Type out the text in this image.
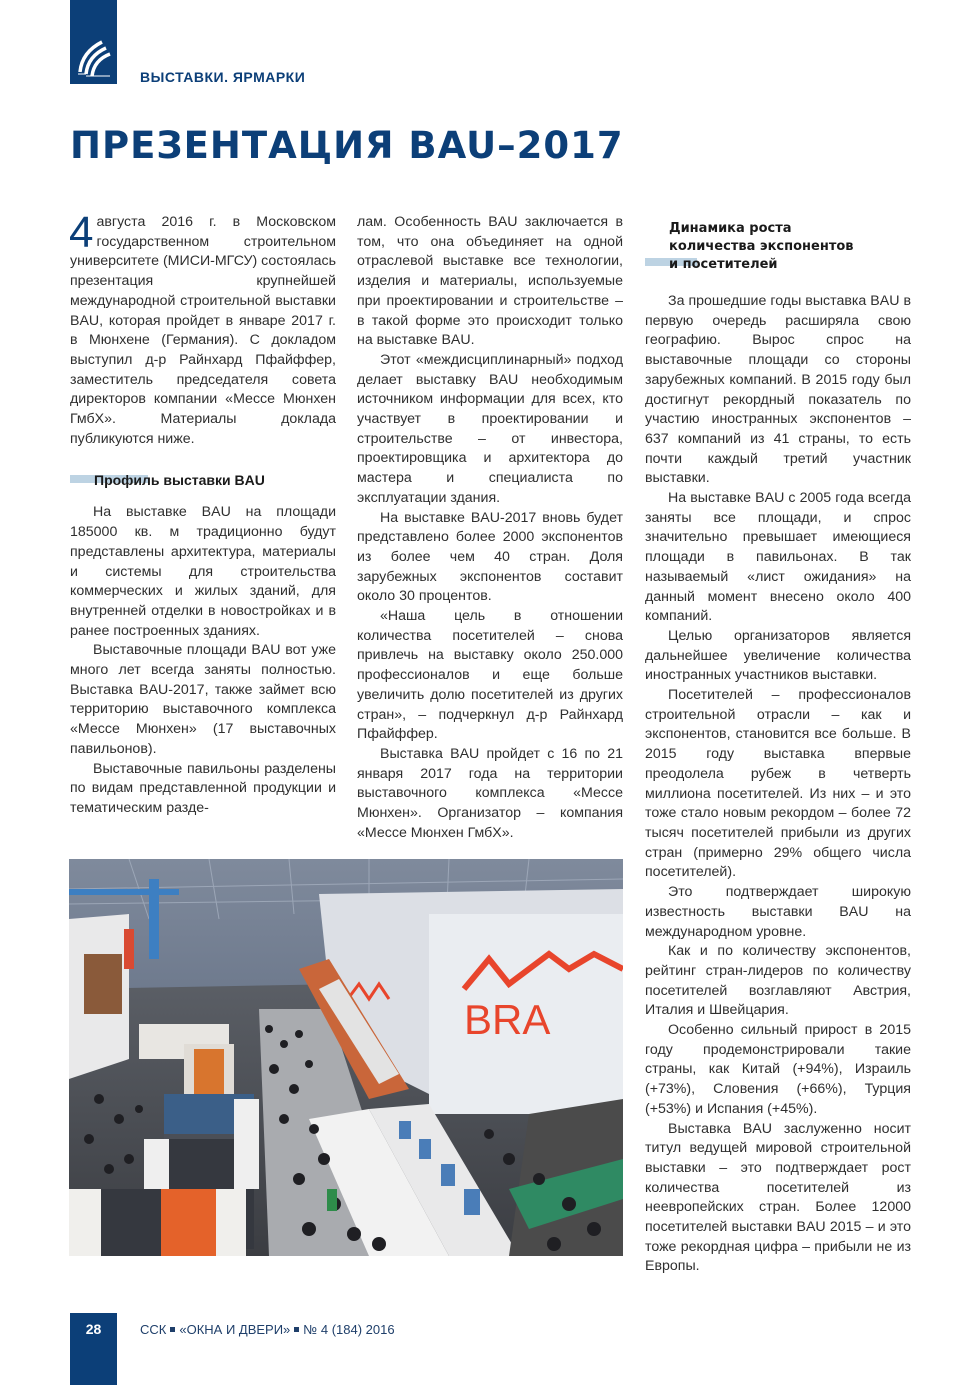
ВЫСТАВКИ. ЯРМАРКИ
ПРЕЗЕНТАЦИЯ BAU–2017

4 августа 2016 г. в Московском государственном строительном университете (МИСИ-МГСУ) состоялась презентация крупнейшей международной строительной выставки BAU, которая пройдет в январе 2017 г. в Мюнхене (Германия). С докладом выступил д-р Райнхард Пфайффер, заместитель председателя совета директоров компании «Мессе Мюнхен ГмбХ». Материалы доклада публикуются ниже.

Профиль выставки BAU

На выставке BAU на площади 185000 кв. м традиционно будут представлены архитектура, материалы и системы для строительства коммерческих и жилых зданий, для внутренней отделки в новостройках и в ранее построенных зданиях.

Выставочные площади BAU вот уже много лет всегда заняты полностью. Выставка BAU-2017, также займет всю территорию выставочного комплекса «Мессе Мюнхен» (17 выставочных павильонов).

Выставочные павильоны разделены по видам представленной продукции и тематическим разде-

лам. Особенность BAU заключается в том, что она объединяет на одной отраслевой выставке все технологии, изделия и материалы, используемые при проектировании и строительстве – в такой форме это происходит только на выставке BAU.

Этот «междисциплинарный» подход делает выставку BAU необходимым источником информации для всех, кто участвует в проектировании и строительстве – от инвестора, проектировщика и архитектора до мастера и специалиста по эксплуатации здания.

На выставке BAU-2017 вновь будет представлено более 2000 экспонентов из более чем 40 стран. Доля зарубежных экспонентов составит около 30 процентов.

«Наша цель в отношении количества посетителей – снова привлечь на выставку около 250.000 профессионалов и еще больше увеличить долю посетителей из других стран», – подчеркнул д-р Райнхард Пфайффер.

Выставка BAU пройдет с 16 по 21 января 2017 года на территории выставочного комплекса «Мессе Мюнхен». Организатор – компания «Мессе Мюнхен ГмбХ».

Динамика роста
количества экспонентов
и посетителей

За прошедшие годы выставка BAU в первую очередь расширяла свою географию. Вырос спрос на выставочные площади со стороны зарубежных компаний. В 2015 году был достигнут рекордный показатель по участию иностранных экспонентов – 637 компаний из 41 страны, то есть почти каждый третий участник выставки.

На выставке BAU с 2005 года всегда заняты все площади, и спрос значительно превышает имеющиеся площади в павильонах. В так называемый «лист ожидания» на данный момент внесено около 400 компаний.

Целью организаторов является дальнейшее увеличение количества иностранных участников выставки.

Посетителей – профессионалов строительной отрасли – как и экспонентов, становится все больше. В 2015 году выставка впервые преодолела рубеж в четверть миллиона посетителей. Из них – и это тоже стало новым рекордом – более 72 тысяч посетителей прибыли из других стран (примерно 29% общего числа посетителей).

Это подтверждает широкую известность выставки BAU на международном уровне.

Как и по количеству экспонентов, рейтинг стран-лидеров по количеству посетителей возглавляют Австрия, Италия и Швейцария.

Особенно сильный прирост в 2015 году продемонстрировали такие страны, как Китай (+94%), Израиль (+73%), Словения (+66%), Турция (+53%) и Испания (+45%).

Выставка BAU заслуженно носит титул ведущей мировой строительной выставки – это подтверждает рост количества посетителей из неевропейских стран. Более 12000 посетителей выставки BAU 2015 – и это тоже рекордная цифра – прибыли не из Европы.

BRA
28	ССК «ОКНА И ДВЕРИ» № 4 (184) 2016
